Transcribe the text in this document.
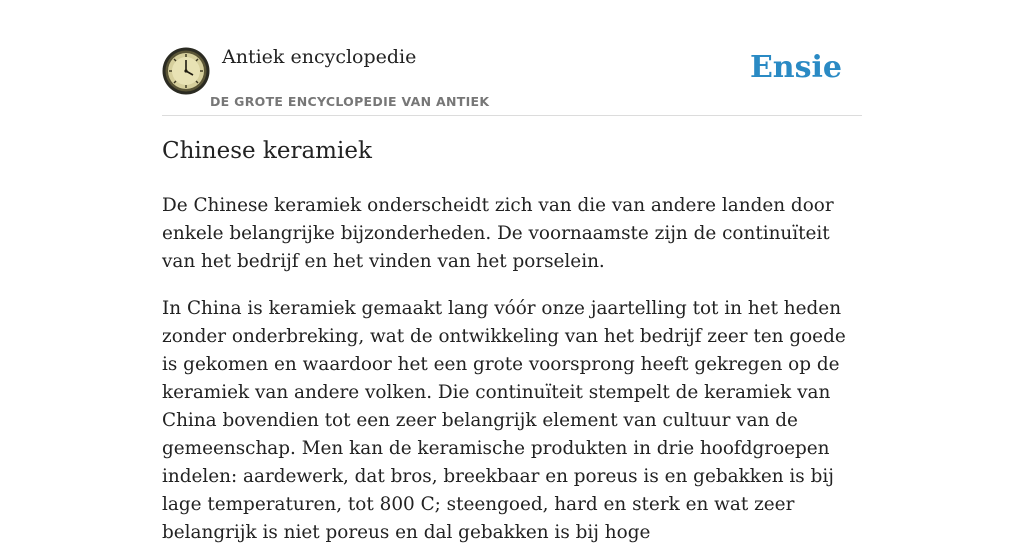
Antiek encyclopedie
DE GROTE ENCYCLOPEDIE VAN ANTIEK
Ensie
Chinese keramiek

De Chinese keramiek onderscheidt zich van die van andere landen door enkele belangrijke bijzonderheden. De voornaamste zijn de continuïteit van het bedrijf en het vinden van het porselein.

In China is keramiek gemaakt lang vóór onze jaartelling tot in het heden zonder onderbreking, wat de ontwikkeling van het bedrijf zeer ten goede is gekomen en waardoor het een grote voorsprong heeft gekregen op de keramiek van andere volken. Die continuïteit stempelt de keramiek van China bovendien tot een zeer belangrijk element van cultuur van de gemeenschap. Men kan de keramische produkten in drie hoofdgroepen indelen: aardewerk, dat bros, breekbaar en poreus is en gebakken is bij lage temperaturen, tot 800 C; steengoed, hard en sterk en wat zeer belangrijk is niet poreus en dal gebakken is bij hoge
